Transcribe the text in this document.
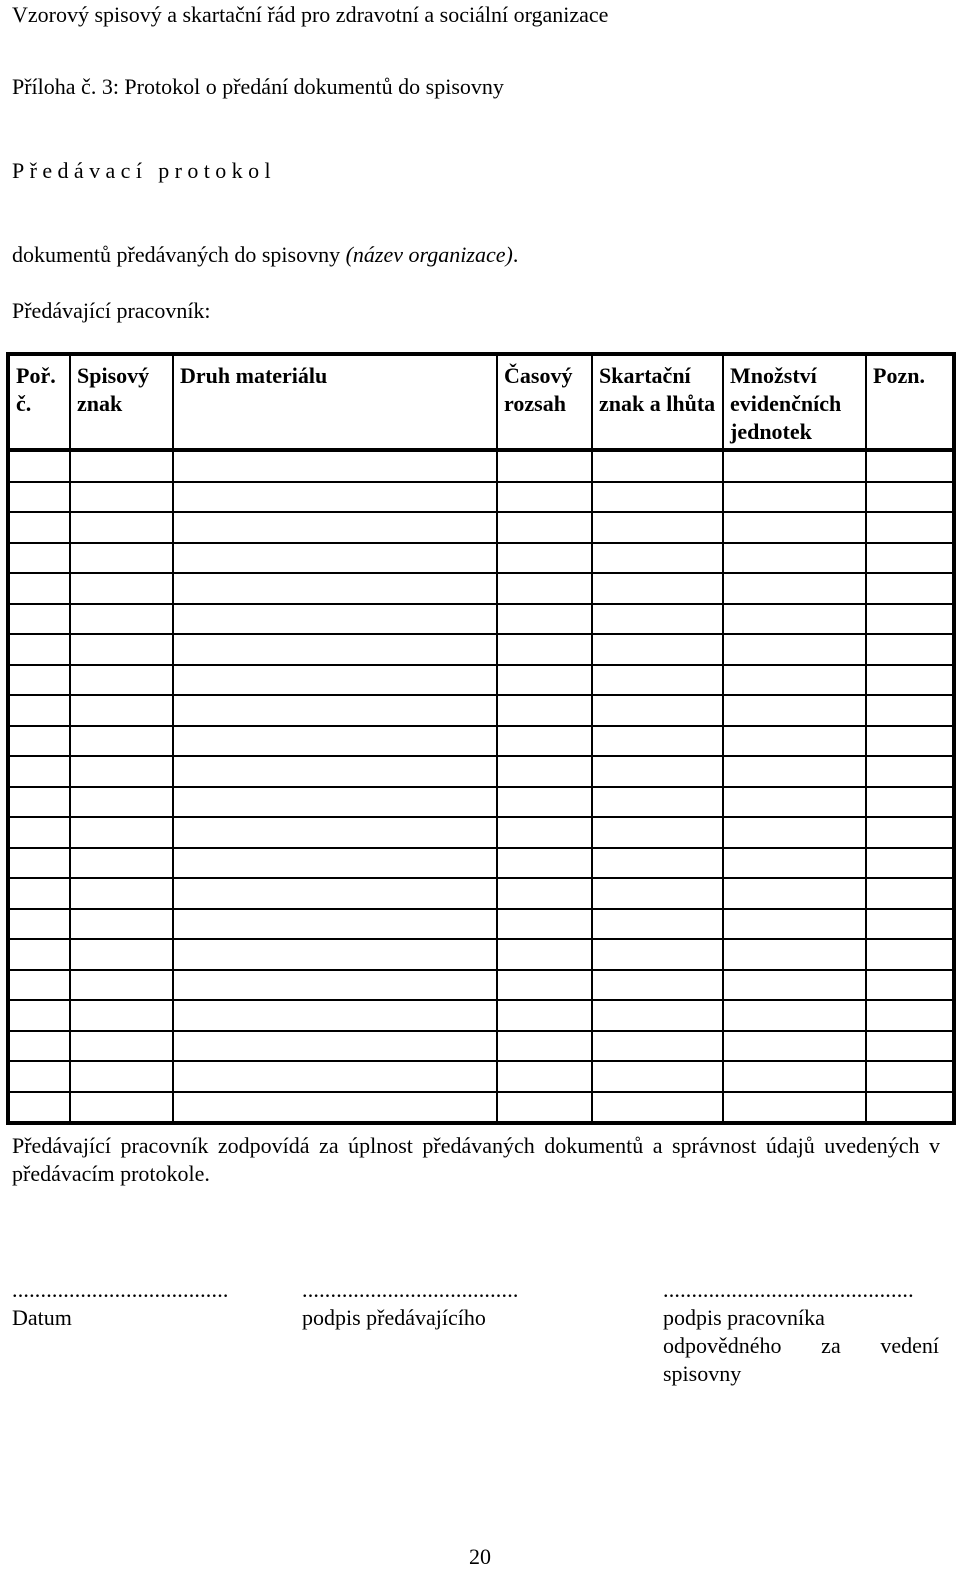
Vzorový spisový a skartační řád pro zdravotní a sociální organizace
Příloha č. 3: Protokol o předání dokumentů do spisovny
Předávací protokol
dokumentů předávaných do spisovny (název organizace).
Předávající pracovník:
Poř. č.	Spisový znak	Druh materiálu	Časový rozsah	Skartační znak a lhůta	Množství evidenčních jednotek	Pozn.

Předávající pracovník zodpovídá za úplnost předávaných dokumentů a správnost údajů uvedených v předávacím protokole.
......................................
Datum
......................................
podpis předávajícího
............................................
podpis pracovníka
odpovědného za vedení
spisovny
20
